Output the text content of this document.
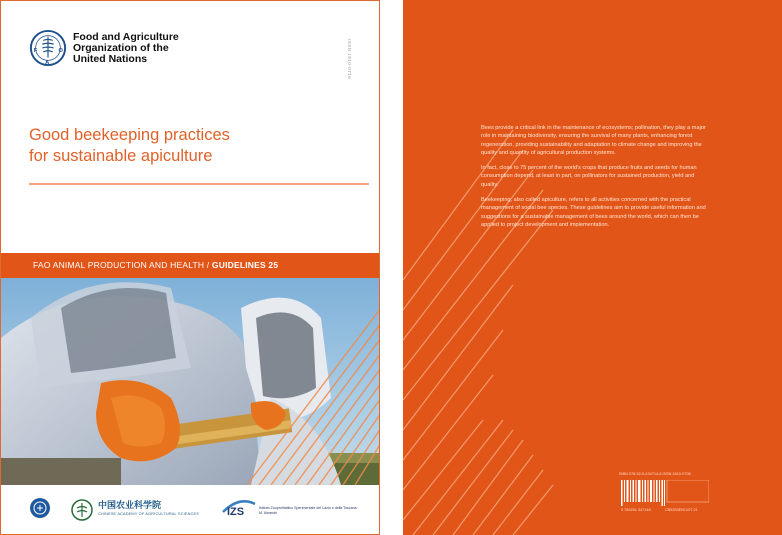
F	O
A
Food and Agriculture
Organization of the
United Nations	ISSN 1810-0716
Good beekeeping practices
for sustainable apiculture
FAO ANIMAL PRODUCTION AND HEALTH / GUIDELINES 25
中国农业科学院
CHINESE ACADEMY OF AGRICULTURAL SCIENCES	IZS	Istituto Zooprofilattico Sperimentale del Lazio e della Toscana M. Aleandri

Bees provide a critical link in the maintenance of ecosystems; pollination, they play a major role in maintaining biodiversity, ensuring the survival of many plants, enhancing forest regeneration, providing sustainability and adaptation to climate change and improving the quality and quantity of agricultural production systems.

In fact, close to 75 percent of the world's crops that produce fruits and seeds for human consumption depend, at least in part, on pollinators for sustained production, yield and quality.

Beekeeping, also called apiculture, refers to all activities concerned with the practical management of social bee species. These guidelines aim to provide useful information and suggestions for a sustainable management of bees around the world, which can then be applied to project development and implementation.

ISBN 978-92-5-134714-8 ISSN 1810-0708
9 789251 347148	CB5353EN/1/07.21
